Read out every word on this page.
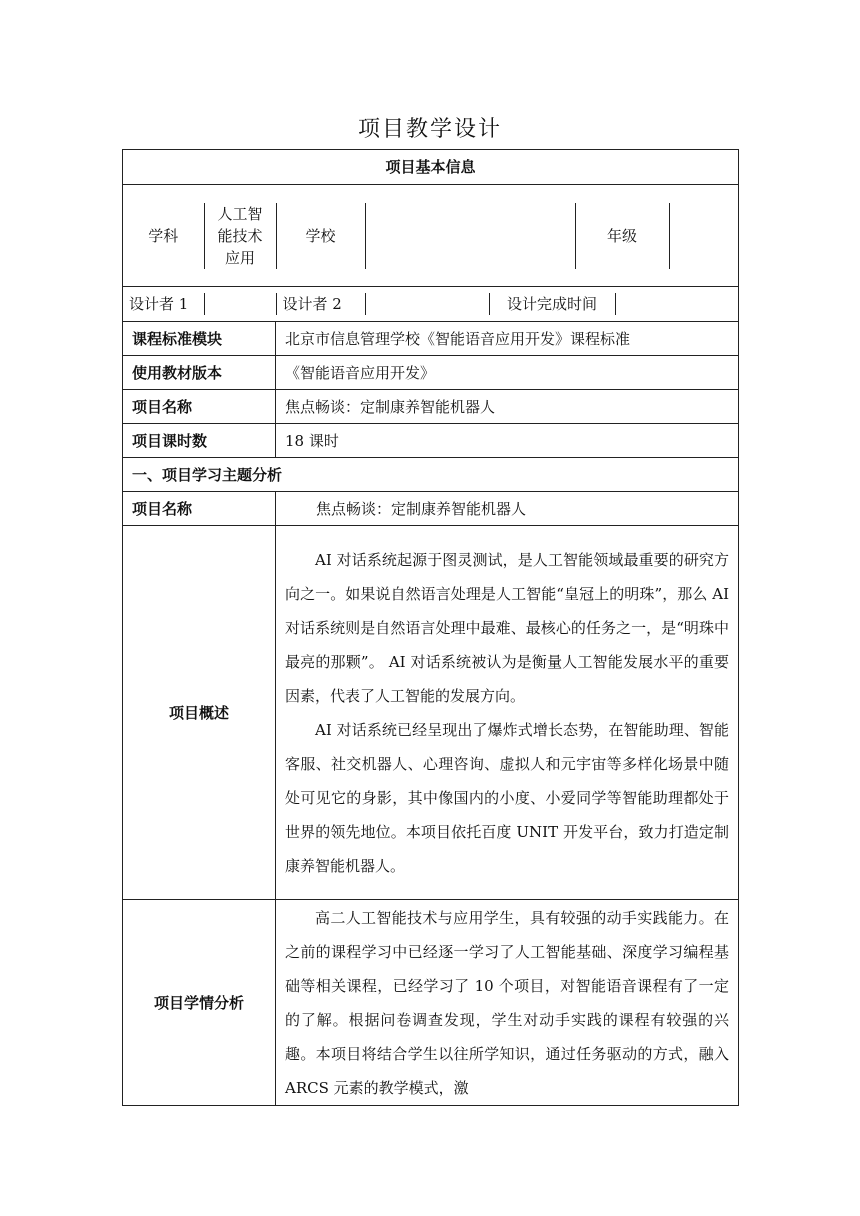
项目教学设计
项目基本信息

学科	人工智能技术应用	学校		年级	

设计者 1		设计者 2		设计完成时间	

课程标准模块	北京市信息管理学校《智能语音应用开发》课程标准
使用教材版本	《智能语音应用开发》
项目名称	焦点畅谈：定制康养智能机器人
项目课时数	18 课时
一、项目学习主题分析
项目名称	焦点畅谈：定制康养智能机器人
项目概述	

AI 对话系统起源于图灵测试，是人工智能领域最重要的研究方向之一。如果说自然语言处理是人工智能“皇冠上的明珠”，那么 AI 对话系统则是自然语言处理中最难、最核心的任务之一，是“明珠中最亮的那颗”。 AI 对话系统被认为是衡量人工智能发展水平的重要因素，代表了人工智能的发展方向。

AI 对话系统已经呈现出了爆炸式增长态势，在智能助理、智能客服、社交机器人、心理咨询、虚拟人和元宇宙等多样化场景中随处可见它的身影，其中像国内的小度、小爱同学等智能助理都处于世界的领先地位。本项目依托百度 UNIT 开发平台，致力打造定制康养智能机器人。

项目学情分析	

高二人工智能技术与应用学生，具有较强的动手实践能力。在之前的课程学习中已经逐一学习了人工智能基础、深度学习编程基础等相关课程，已经学习了 10 个项目，对智能语音课程有了一定的了解。根据问卷调查发现，学生对动手实践的课程有较强的兴趣。本项目将结合学生以往所学知识，通过任务驱动的方式，融入 ARCS 元素的教学模式，激
